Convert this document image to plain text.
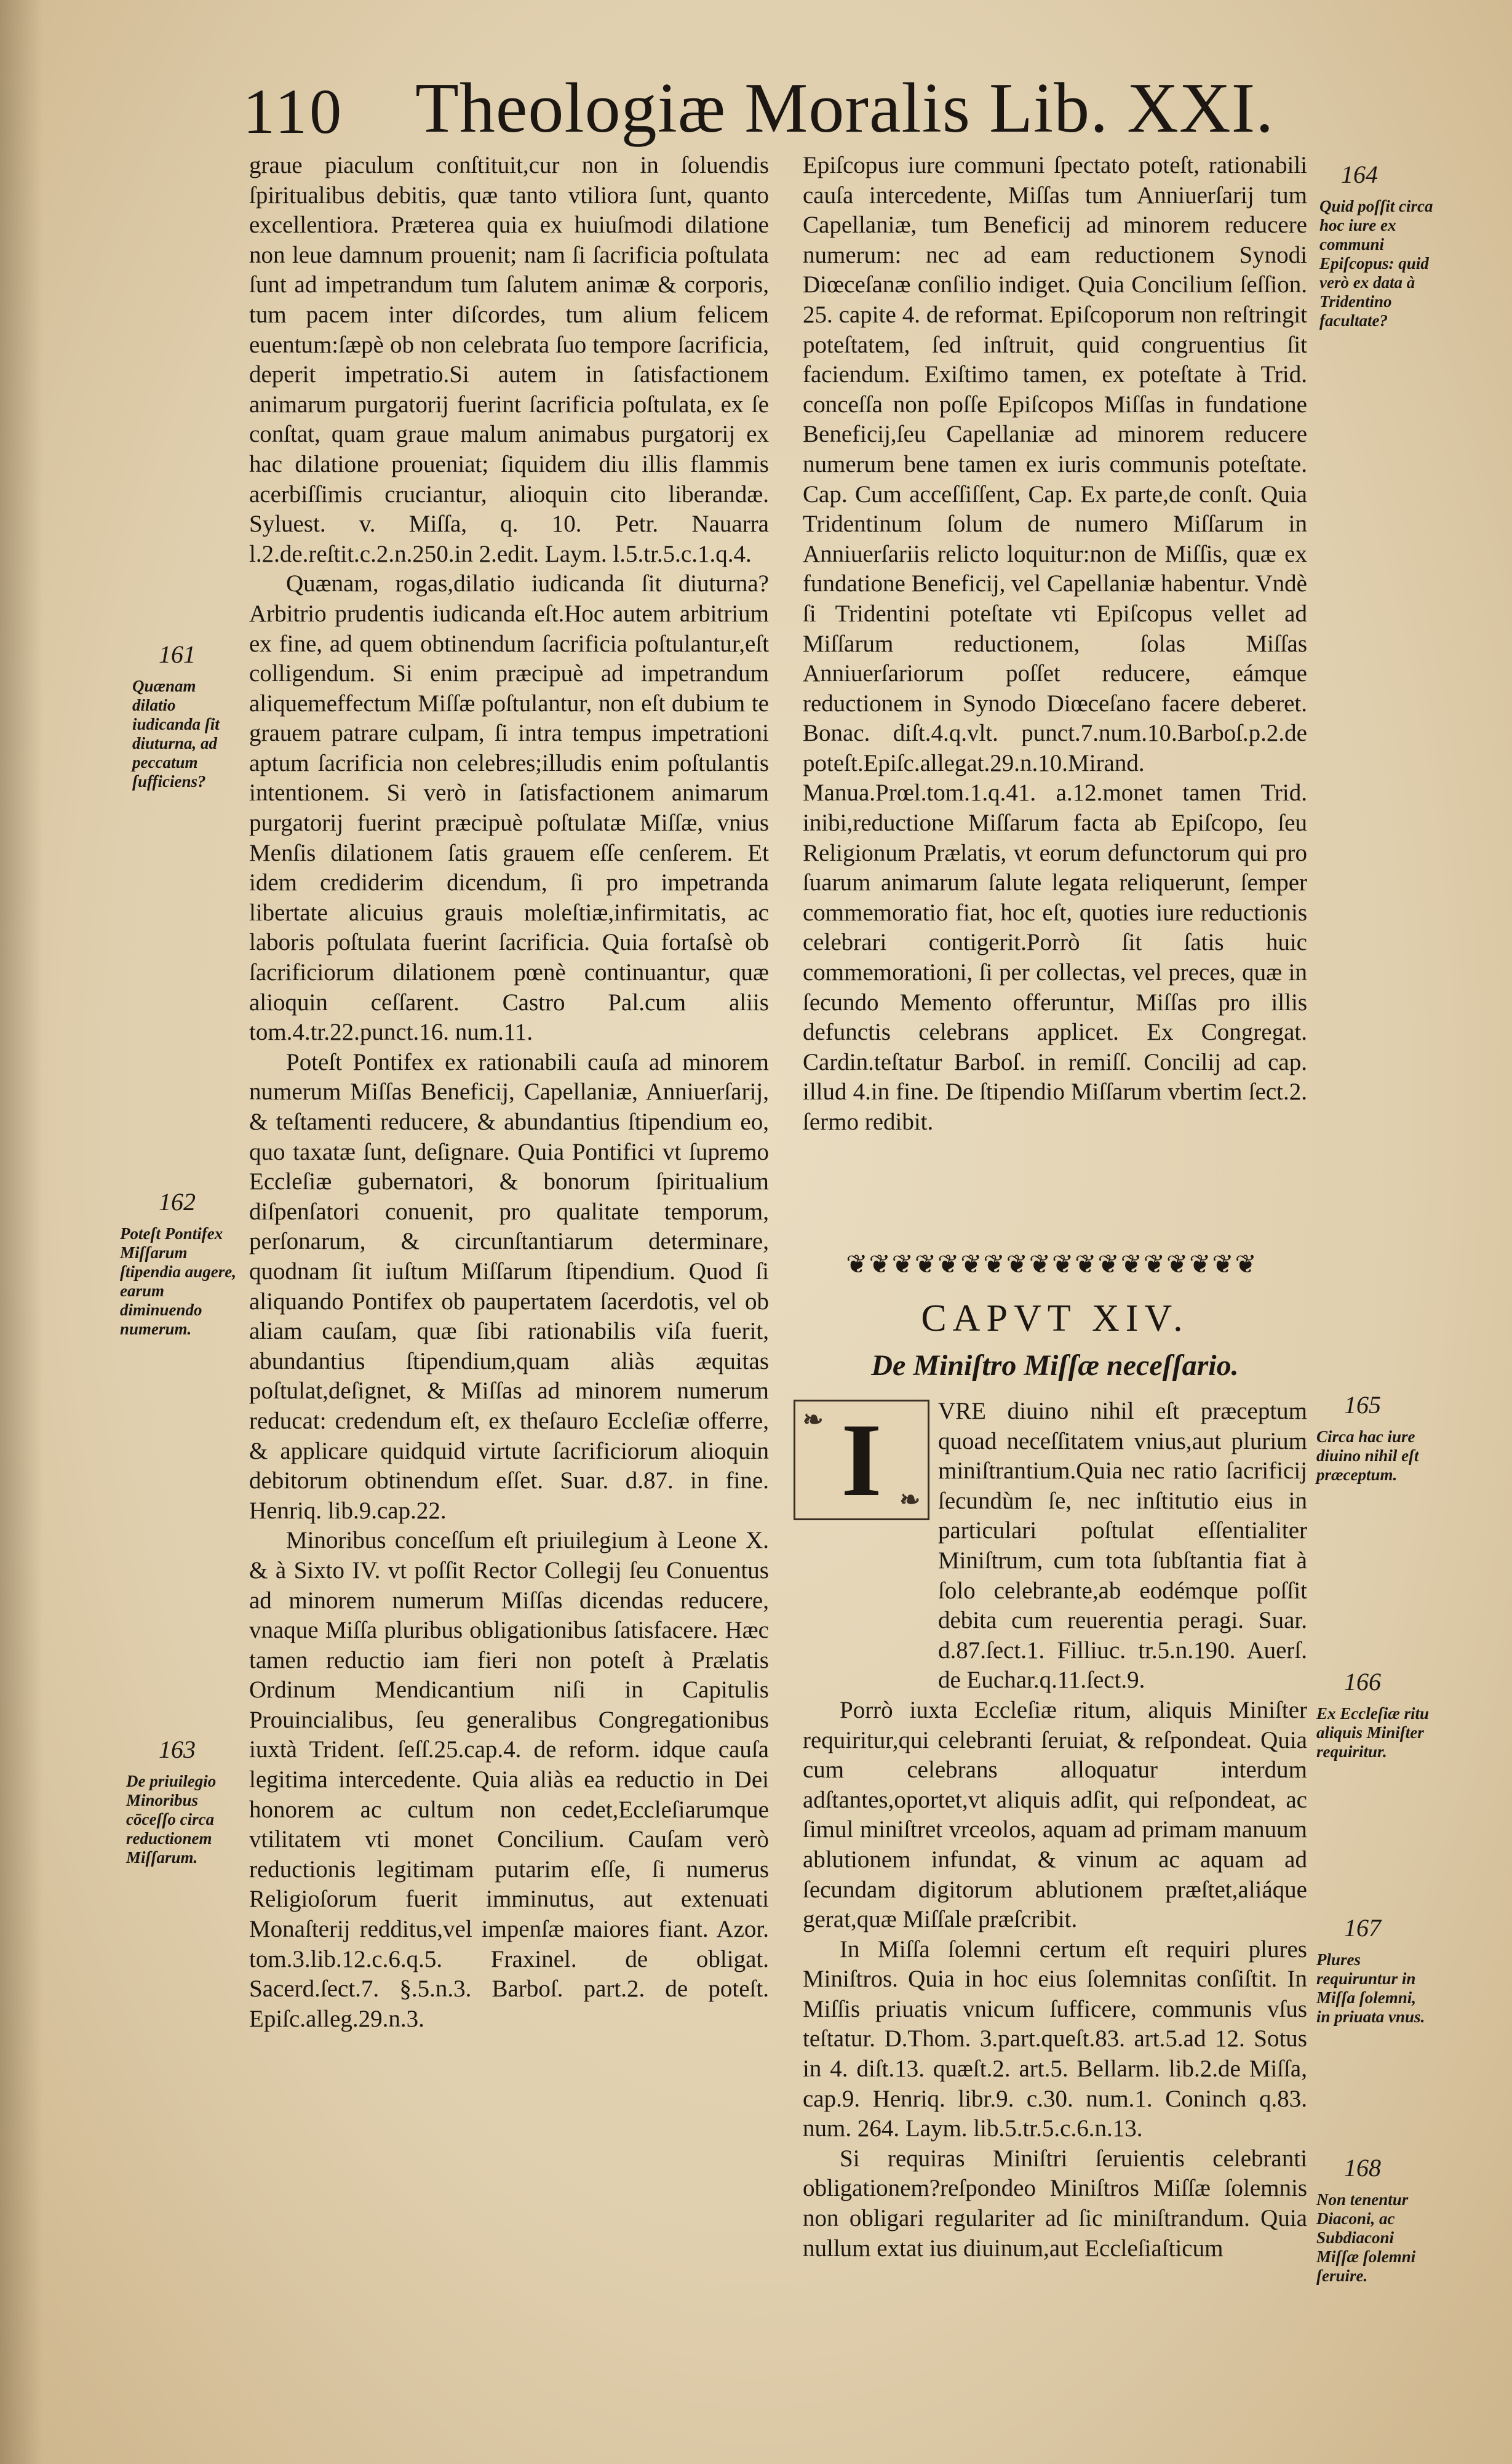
110 Theologiæ Moralis Lib. XXI.

graue piaculum conſtituit,cur non in ſoluendis ſpiritualibus debitis, quæ tanto vtiliora ſunt, quanto excellentiora. Præterea quia ex huiuſmodi dilatione non leue damnum prouenit; nam ſi ſacrificia poſtulata ſunt ad impetrandum tum ſalutem animæ & corporis, tum pacem inter diſcordes, tum alium felicem euentum:ſæpè ob non celebrata ſuo tempore ſacrificia, deperit impetratio.Si autem in ſatisfactionem animarum purgatorij fuerint ſacrificia poſtulata, ex ſe conſtat, quam graue malum animabus purgatorij ex hac dilatione proueniat; ſiquidem diu illis flammis acerbiſſimis cruciantur, alioquin cito liberandæ. Syluest. v. Miſſa, q. 10. Petr. Nauarra l.2.de.reſtit.c.2.n.250.in 2.edit. Laym. l.5.tr.5.c.1.q.4.

Quænam, rogas,dilatio iudicanda ſit diuturna?Arbitrio prudentis iudicanda eſt.Hoc autem arbitrium ex fine, ad quem obtinendum ſacrificia poſtulantur,eſt colligendum. Si enim præcipuè ad impetrandum aliquemeffectum Miſſæ poſtulantur, non eſt dubium te grauem patrare culpam, ſi intra tempus impetrationi aptum ſacrificia non celebres;illudis enim poſtulantis intentionem. Si verò in ſatisfactionem animarum purgatorij fuerint præcipuè poſtulatæ Miſſæ, vnius Menſis dilationem ſatis grauem eſſe cenſerem. Et idem crediderim dicendum, ſi pro impetranda libertate alicuius grauis moleſtiæ,infirmitatis, ac laboris poſtulata fuerint ſacrificia. Quia fortaſsè ob ſacrificiorum dilationem pœnè continuantur, quæ alioquin ceſſarent. Castro Pal.cum aliis tom.4.tr.22.punct.16. num.11.

Poteſt Pontifex ex rationabili cauſa ad minorem numerum Miſſas Beneficij, Capellaniæ, Anniuerſarij, & teſtamenti reducere, & abundantius ſtipendium eo, quo taxatæ ſunt, deſignare. Quia Pontifici vt ſupremo Eccleſiæ gubernatori, & bonorum ſpiritualium diſpenſatori conuenit, pro qualitate temporum, perſonarum, & circunſtantiarum determinare, quodnam ſit iuſtum Miſſarum ſtipendium. Quod ſi aliquando Pontifex ob paupertatem ſacerdotis, vel ob aliam cauſam, quæ ſibi rationabilis viſa fuerit, abundantius ſtipendium,quam aliàs æquitas poſtulat,deſignet, & Miſſas ad minorem numerum reducat: credendum eſt, ex theſauro Eccleſiæ offerre, & applicare quidquid virtute ſacrificiorum alioquin debitorum obtinendum eſſet. Suar. d.87. in fine. Henriq. lib.9.cap.22.

Minoribus conceſſum eſt priuilegium à Leone X. & à Sixto IV. vt poſſit Rector Collegij ſeu Conuentus ad minorem numerum Miſſas dicendas reducere, vnaque Miſſa pluribus obligationibus ſatisfacere. Hæc tamen reductio iam fieri non poteſt à Prælatis Ordinum Mendicantium niſi in Capitulis Prouincialibus, ſeu generalibus Congregationibus iuxtà Trident. ſeſſ.25.cap.4. de reform. idque cauſa legitima intercedente. Quia aliàs ea reductio in Dei honorem ac cultum non cedet,Eccleſiarumque vtilitatem vti monet Concilium. Cauſam verò reductionis legitimam putarim eſſe, ſi numerus Religioſorum fuerit imminutus, aut extenuati Monaſterij redditus,vel impenſæ maiores fiant. Azor. tom.3.lib.12.c.6.q.5. Fraxinel. de obligat. Sacerd.ſect.7. §.5.n.3. Barboſ. part.2. de poteſt. Epiſc.alleg.29.n.3.

161
Quænam dilatio iudicanda ſit diuturna, ad peccatum ſufficiens?
162
Poteſt Pontifex Miſſarum ſtipendia augere, earum diminuendo numerum.
163
De priuilegio Minoribus cōceſſo circa reductionem Miſſarum.

Epiſcopus iure communi ſpectato poteſt, rationabili cauſa intercedente, Miſſas tum Anniuerſarij tum Capellaniæ, tum Beneficij ad minorem reducere numerum: nec ad eam reductionem Synodi Diœceſanæ conſilio indiget. Quia Concilium ſeſſion. 25. capite 4. de reformat. Epiſcoporum non reſtringit poteſtatem, ſed inſtruit, quid congruentius ſit faciendum. Exiſtimo tamen, ex poteſtate à Trid. conceſſa non poſſe Epiſcopos Miſſas in fundatione Beneficij,ſeu Capellaniæ ad minorem reducere numerum bene tamen ex iuris communis poteſtate. Cap. Cum acceſſiſſent, Cap. Ex parte,de conſt. Quia Tridentinum ſolum de numero Miſſarum in Anniuerſariis relicto loquitur:non de Miſſis, quæ ex fundatione Beneficij, vel Capellaniæ habentur. Vndè ſi Tridentini poteſtate vti Epiſcopus vellet ad Miſſarum reductionem, ſolas Miſſas Anniuerſariorum poſſet reducere, eámque reductionem in Synodo Diœceſano facere deberet. Bonac. diſt.4.q.vlt. punct.7.num.10.Barboſ.p.2.de poteſt.Epiſc.allegat.29.n.10.Mirand. Manua.Prœl.tom.1.q.41. a.12.monet tamen Trid. inibi,reductione Miſſarum facta ab Epiſcopo, ſeu Religionum Prælatis, vt eorum defunctorum qui pro ſuarum animarum ſalute legata reliquerunt, ſemper commemoratio fiat, hoc eſt, quoties iure reductionis celebrari contigerit.Porrò ſit ſatis huic commemorationi, ſi per collectas, vel preces, quæ in ſecundo Memento offeruntur, Miſſas pro illis defunctis celebrans applicet. Ex Congregat. Cardin.teſtatur Barboſ. in remiſſ. Concilij ad cap. illud 4.in fine. De ſtipendio Miſſarum vbertim ſect.2. ſermo redibit.

164
Quid poſſit circa hoc iure ex communi Epiſcopus: quid verò ex data à Tridentino facultate?
❦❦❦❦❦❦❦❦❦❦❦❦❦❦❦❦❦❦
CAPVT XIV.
De Miniſtro Miſſæ neceſſario.
❧
❧
I	VRE diuino nihil eſt præceptum quoad neceſſitatem vnius,aut plurium miniſtrantium.Quia nec ratio ſacrificij ſecundùm ſe, nec inſtitutio eius in particulari poſtulat eſſentialiter Miniſtrum, cum tota ſubſtantia fiat à ſolo celebrante,ab eodémque poſſit debita cum reuerentia peragi. Suar. d.87.ſect.1. Filliuc. tr.5.n.190. Auerſ. de Euchar.q.11.ſect.9.

Porrò iuxta Eccleſiæ ritum, aliquis Miniſter requiritur,qui celebranti ſeruiat, & reſpondeat. Quia cum celebrans alloquatur interdum adſtantes,oportet,vt aliquis adſit, qui reſpondeat, ac ſimul miniſtret vrceolos, aquam ad primam manuum ablutionem infundat, & vinum ac aquam ad ſecundam digitorum ablutionem præſtet,aliáque gerat,quæ Miſſale præſcribit.

In Miſſa ſolemni certum eſt requiri plures Miniſtros. Quia in hoc eius ſolemnitas conſiſtit. In Miſſis priuatis vnicum ſufficere, communis vſus teſtatur. D.Thom. 3.part.queſt.83. art.5.ad 12. Sotus in 4. diſt.13. quæſt.2. art.5. Bellarm. lib.2.de Miſſa, cap.9. Henriq. libr.9. c.30. num.1. Coninch q.83. num. 264. Laym. lib.5.tr.5.c.6.n.13.

Si requiras Miniſtri ſeruientis celebranti obligationem?reſpondeo Miniſtros Miſſæ ſolemnis non obligari regulariter ad ſic miniſtrandum. Quia nullum extat ius diuinum,aut Eccleſiaſticum

165
Circa hac iure diuino nihil eſt præceptum.
166
Ex Eccleſiæ ritu aliquis Miniſter requiritur.
167
Plures requiruntur in Miſſa ſolemni, in priuata vnus.
168
Non tenentur Diaconi, ac Subdiaconi Miſſæ ſolemni ſeruire.
